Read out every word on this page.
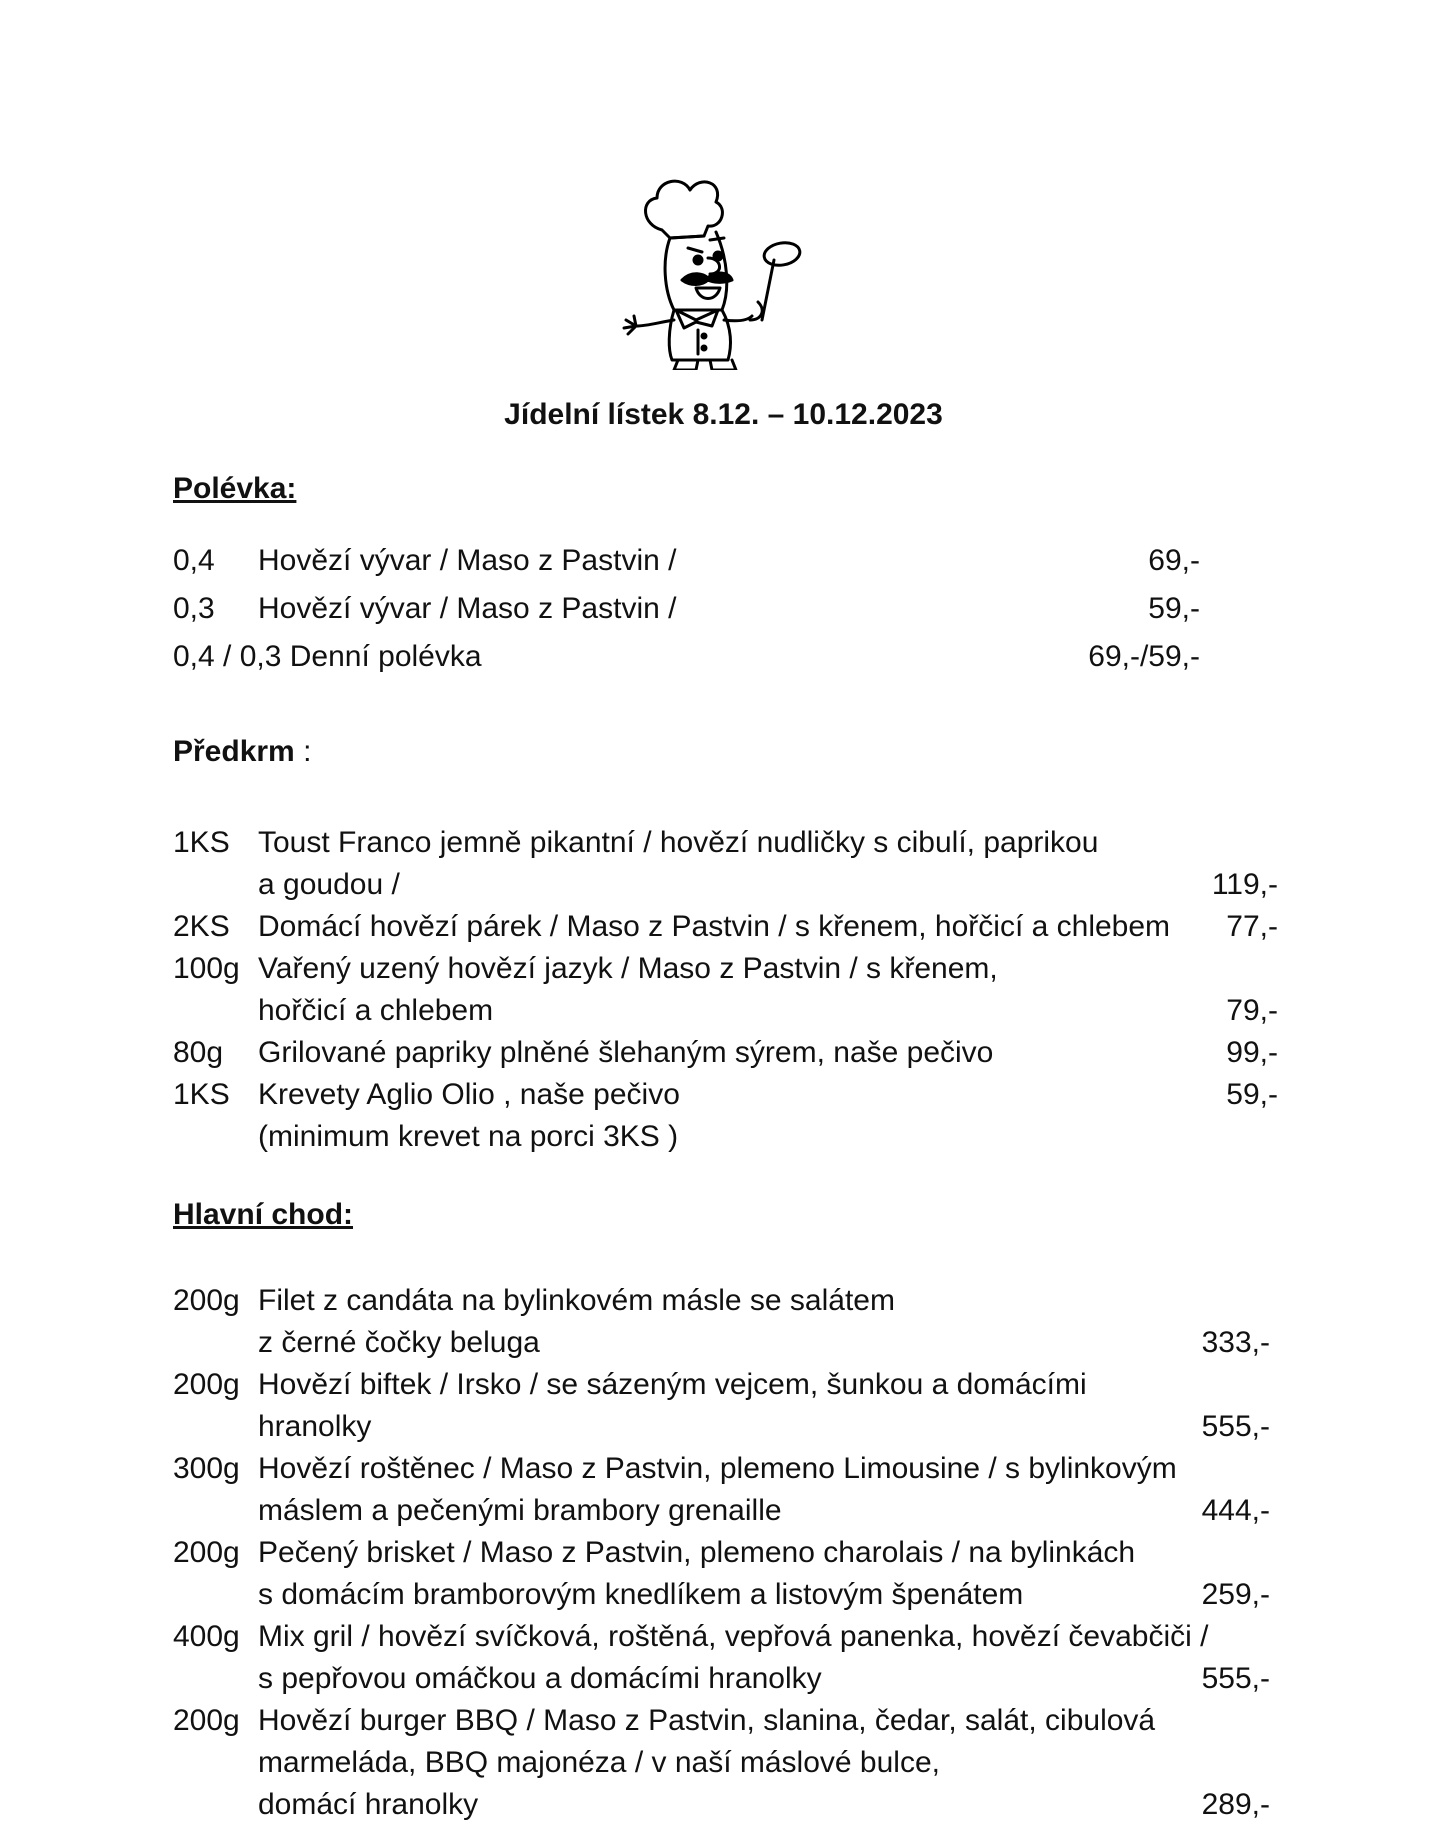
Jídelní lístek 8.12. – 10.12.2023
Polévka:
0,4 Hovězí vývar / Maso z Pastvin /	69,-
0,3 Hovězí vývar / Maso z Pastvin /	59,-
0,4 / 0,3 Denní polévka	69,-/59,-
Předkrm :
1KS Toust Franco jemně pikantní / hovězí nudličky s cibulí, paprikou
a goudou /	119,-
2KS Domácí hovězí párek / Maso z Pastvin / s křenem, hořčicí a chlebem 77,-
100g Vařený uzený hovězí jazyk / Maso z Pastvin / s křenem,
hořčicí a chlebem	79,-
80g Grilované papriky plněné šlehaným sýrem, naše pečivo	99,-
1KS Krevety Aglio Olio , naše pečivo	59,-
(minimum krevet na porci 3KS )
Hlavní chod:
200g Filet z candáta na bylinkovém másle se salátem
z černé čočky beluga	333,-
200g Hovězí biftek / Irsko / se sázeným vejcem, šunkou a domácími
hranolky	555,-
300g Hovězí roštěnec / Maso z Pastvin, plemeno Limousine / s bylinkovým
máslem a pečenými brambory grenaille	444,-
200g Pečený brisket / Maso z Pastvin, plemeno charolais / na bylinkách
s domácím bramborovým knedlíkem a listovým špenátem	259,-
400g Mix gril / hovězí svíčková, roštěná, vepřová panenka, hovězí čevabčiči /
s pepřovou omáčkou a domácími hranolky	555,-
200g Hovězí burger BBQ / Maso z Pastvin, slanina, čedar, salát, cibulová
marmeláda, BBQ majonéza / v naší máslové bulce,
domácí hranolky	289,-
